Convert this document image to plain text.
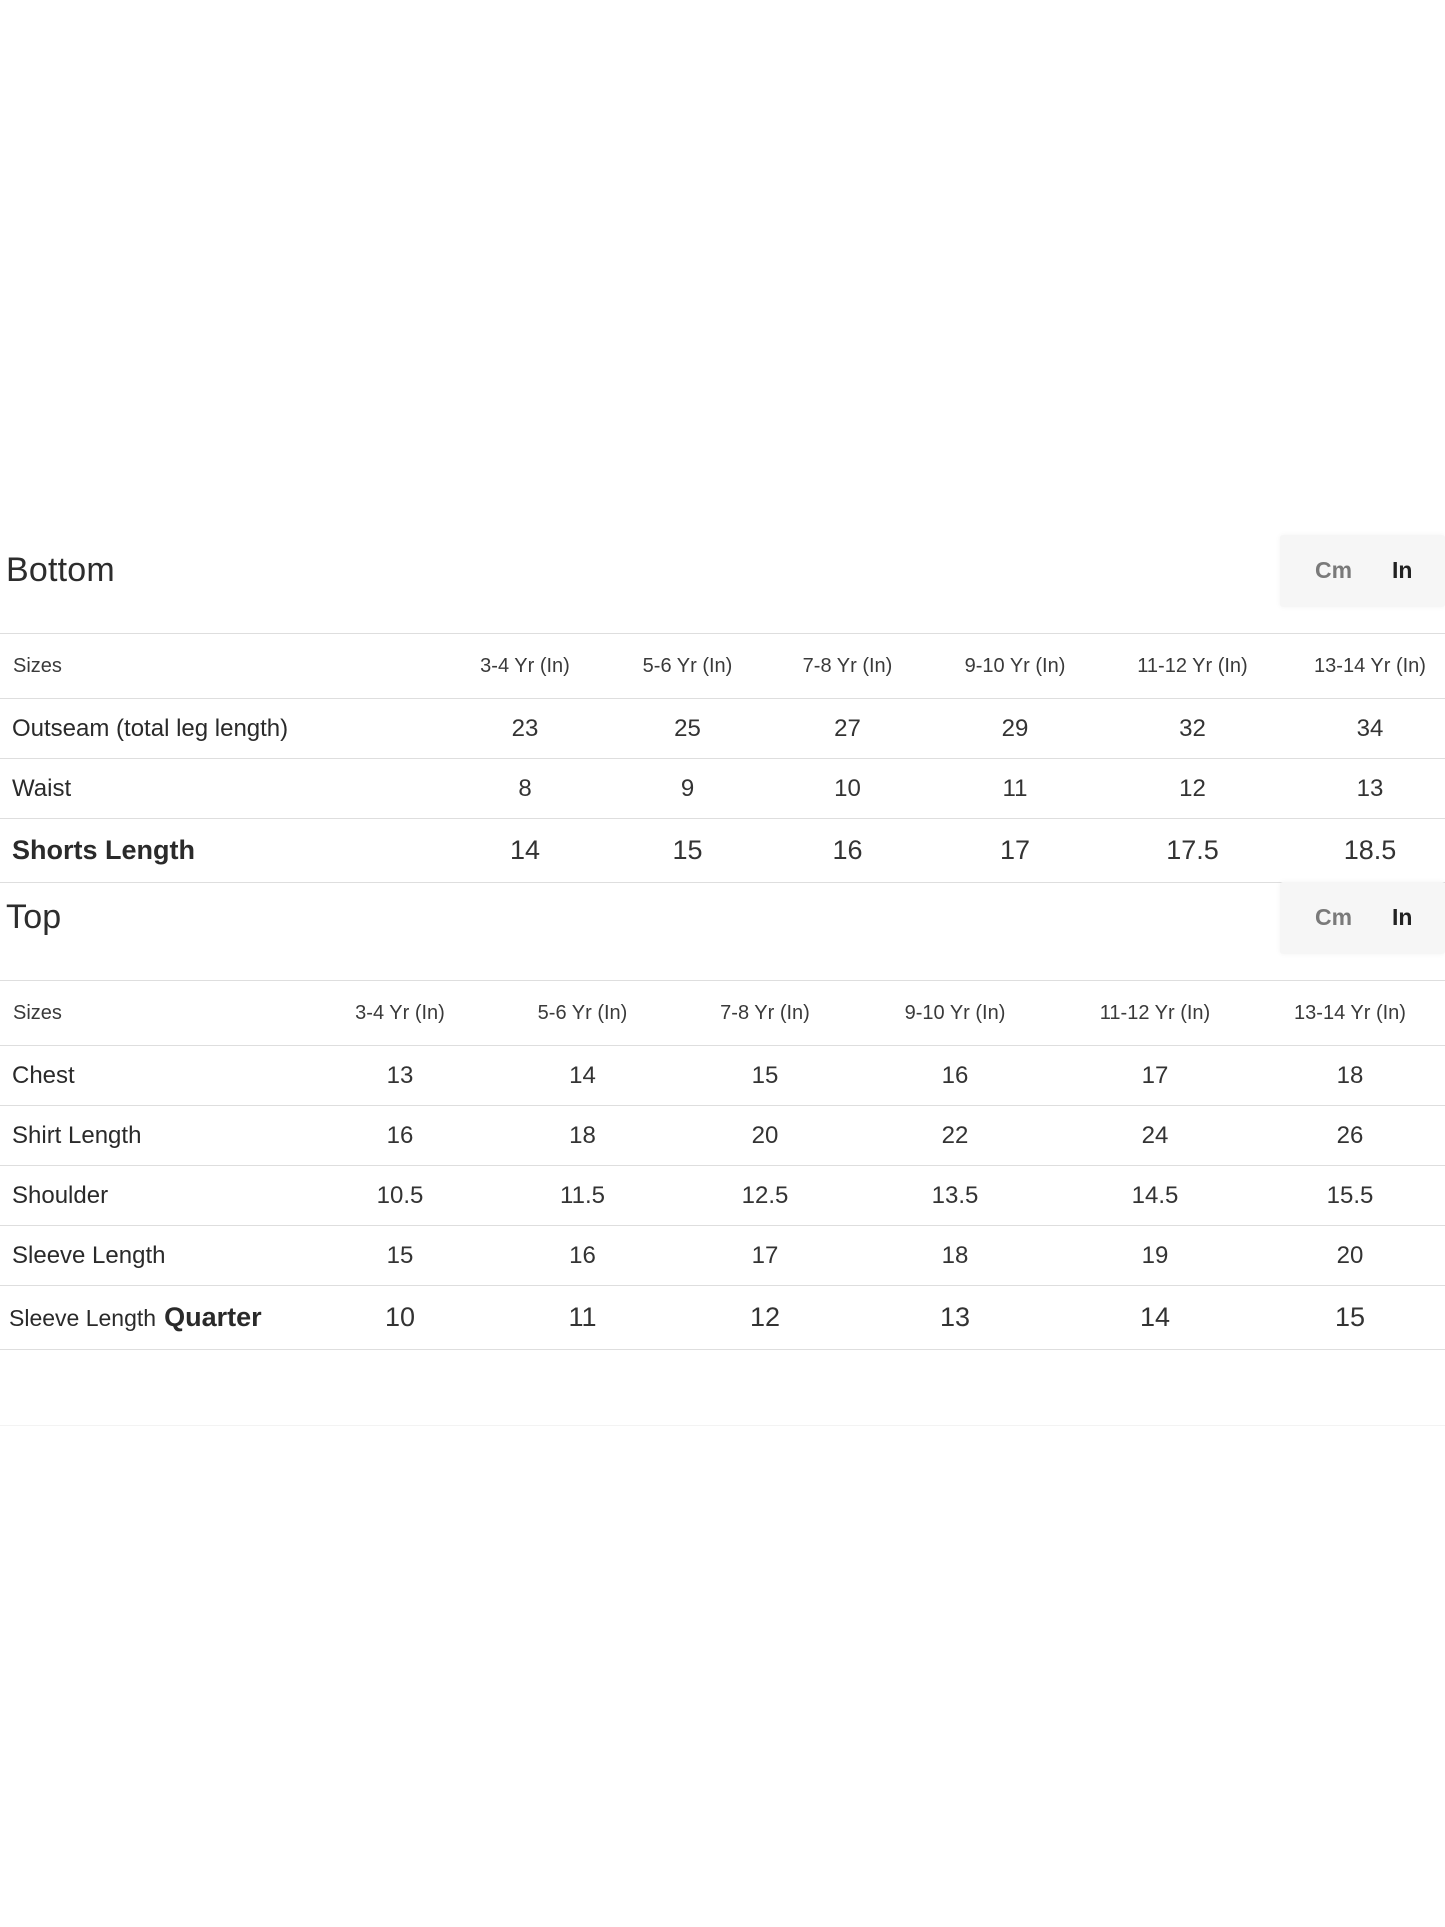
Bottom	Cm In
Sizes	3-4 Yr (In)	5-6 Yr (In)	7-8 Yr (In)	9-10 Yr (In)	11-12 Yr (In)	13-14 Yr (In)
Outseam (total leg length)	23	25	27	29	32	34
Waist	8	9	10	11	12	13
Shorts Length	14	15	16	17	17.5	18.5
Top	Cm In
Sizes	3-4 Yr (In)	5-6 Yr (In)	7-8 Yr (In)	9-10 Yr (In)	11-12 Yr (In)	13-14 Yr (In)
Chest	13	14	15	16	17	18
Shirt Length	16	18	20	22	24	26
Shoulder	10.5	11.5	12.5	13.5	14.5	15.5
Sleeve Length	15	16	17	18	19	20
Sleeve Length Quarter	10	11	12	13	14	15
